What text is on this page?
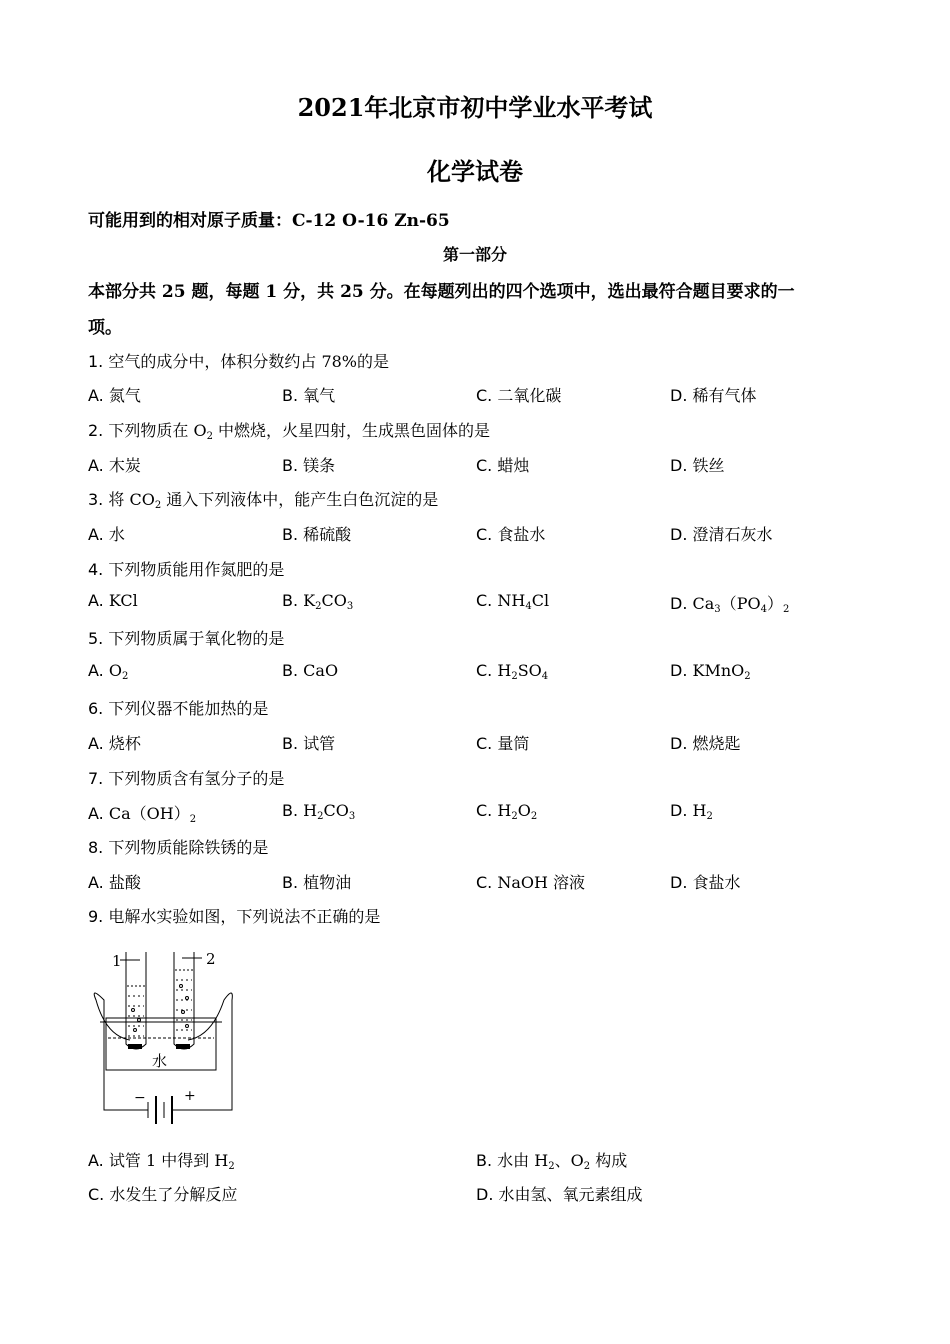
2021年北京市初中学业水平考试
化学试卷
可能用到的相对原子质量：C-12 O-16 Zn-65
第一部分
本部分共 25 题，每题 1 分，共 25 分。在每题列出的四个选项中，选出最符合题目要求的一
项。
1. 空气的成分中，体积分数约占 78%的是
A. 氮气	B. 氧气	C. 二氧化碳	D. 稀有气体
2. 下列物质在 $O_2$ 中燃烧，火星四射，生成黑色固体的是
A. 木炭	B. 镁条	C. 蜡烛	D. 铁丝
3. 将 $CO_2$ 通入下列液体中，能产生白色沉淀的是
A. 水	B. 稀硫酸	C. 食盐水	D. 澄清石灰水
4. 下列物质能用作氮肥的是
A. KCl	B. $K_2CO_3$	C. $NH_4Cl$	D. $Ca_3(PO_4)_2$
5. 下列物质属于氧化物的是
A. $O_2$	B. CaO	C. $H_2SO_4$	D. KMnO$_2$
6. 下列仪器不能加热的是
A. 烧杯	B. 试管	C. 量筒	D. 燃烧匙
7. 下列物质含有氢分子的是
A. $Ca(OH)_2$	B. $H_2CO_3$	C. $H_2O_2$	D. $H_2$
8. 下列物质能除铁锈的是
A. 盐酸	B. 植物油	C. NaOH 溶液	D. 食盐水
9. 电解水实验如图，下列说法不正确的是
1	2
水
−	+
A. 试管 1 中得到 $H_2$	B. 水由 $H_2$、$O_2$ 构成
C. 水发生了分解反应	D. 水由氢、氧元素组成
